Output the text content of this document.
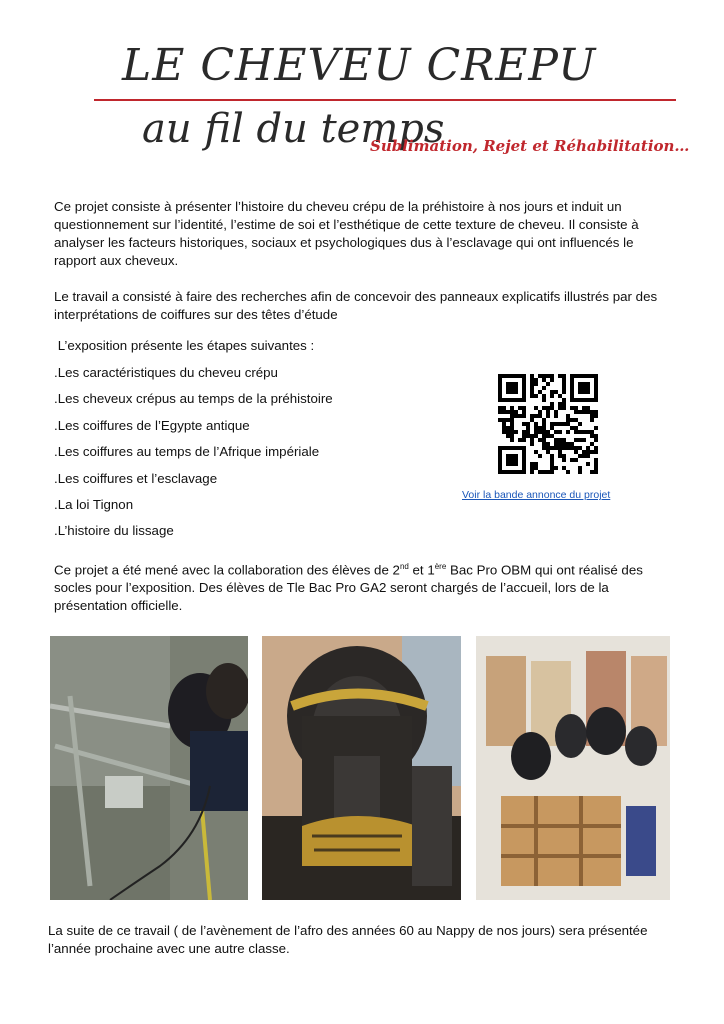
LE CHEVEU CREPU
au fil du temps
Sublimation, Rejet et Réhabilitation…

Ce projet consiste à présenter l’histoire du cheveu crépu de la préhistoire à nos jours et induit un questionnement sur l’identité, l’estime de soi et l’esthétique de cette texture de cheveu. Il consiste à analyser les facteurs historiques, sociaux et psychologiques dus à l’esclavage qui ont influencés le rapport aux cheveux.

Le travail a consisté à faire des recherches afin de concevoir des panneaux explicatifs illustrés par des interprétations de coiffures sur des têtes d’étude

L’exposition présente les étapes suivantes :
.Les caractéristiques du cheveu crépu
.Les cheveux crépus au temps de la préhistoire
.Les coiffures de l’Egypte antique
.Les coiffures au temps de l’Afrique impériale
.Les coiffures et l’esclavage
.La loi Tignon
.L’histoire du lissage
Voir la bande annonce du projet

Ce projet a été mené avec la collaboration des élèves de 2nd et 1ère Bac Pro OBM qui ont réalisé des socles pour l’exposition. Des élèves de Tle Bac Pro GA2 seront chargés de l’accueil, lors de la présentation officielle.

La suite de ce travail ( de l’avènement de l’afro des années 60 au Nappy de nos jours) sera présentée l’année prochaine avec une autre classe.
